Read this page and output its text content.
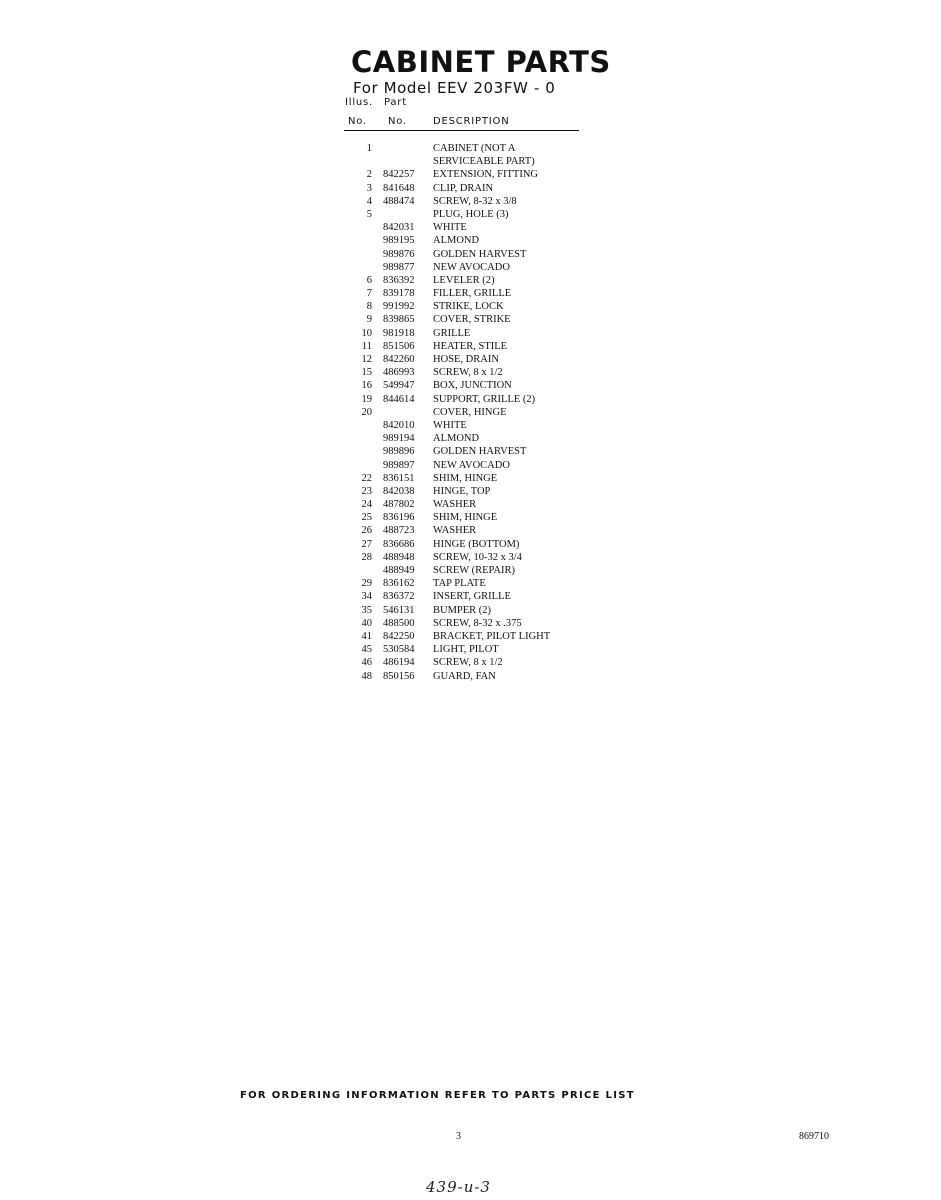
CABINET PARTS
For Model EEV 203FW - 0
Illus. Part
No. No.	DESCRIPTION
1	CABINET (NOT A
SERVICEABLE PART)
2 842257 EXTENSION, FITTING
3 841648 CLIP, DRAIN
4 488474 SCREW, 8-32 x 3/8
5	PLUG, HOLE (3)
842031 WHITE
989195 ALMOND
989876 GOLDEN HARVEST
989877 NEW AVOCADO
6 836392 LEVELER (2)
7 839178 FILLER, GRILLE
8 991992 STRIKE, LOCK
9 839865 COVER, STRIKE
10 981918 GRILLE
11 851506 HEATER, STILE
12 842260 HOSE, DRAIN
15 486993 SCREW, 8 x 1/2
16 549947 BOX, JUNCTION
19 844614 SUPPORT, GRILLE (2)
20	COVER, HINGE
842010 WHITE
989194 ALMOND
989896 GOLDEN HARVEST
989897 NEW AVOCADO
22 836151 SHIM, HINGE
23 842038 HINGE, TOP
24 487802 WASHER
25 836196 SHIM, HINGE
26 488723 WASHER
27 836686 HINGE (BOTTOM)
28 488948 SCREW, 10-32 x 3/4
488949 SCREW (REPAIR)
29 836162 TAP PLATE
34 836372 INSERT, GRILLE
35 546131 BUMPER (2)
40 488500 SCREW, 8-32 x .375
41 842250 BRACKET, PILOT LIGHT
45 530584 LIGHT, PILOT
46 486194 SCREW, 8 x 1/2
48 850156 GUARD, FAN
FOR ORDERING INFORMATION REFER TO PARTS PRICE LIST
3	869710
439-u-3
